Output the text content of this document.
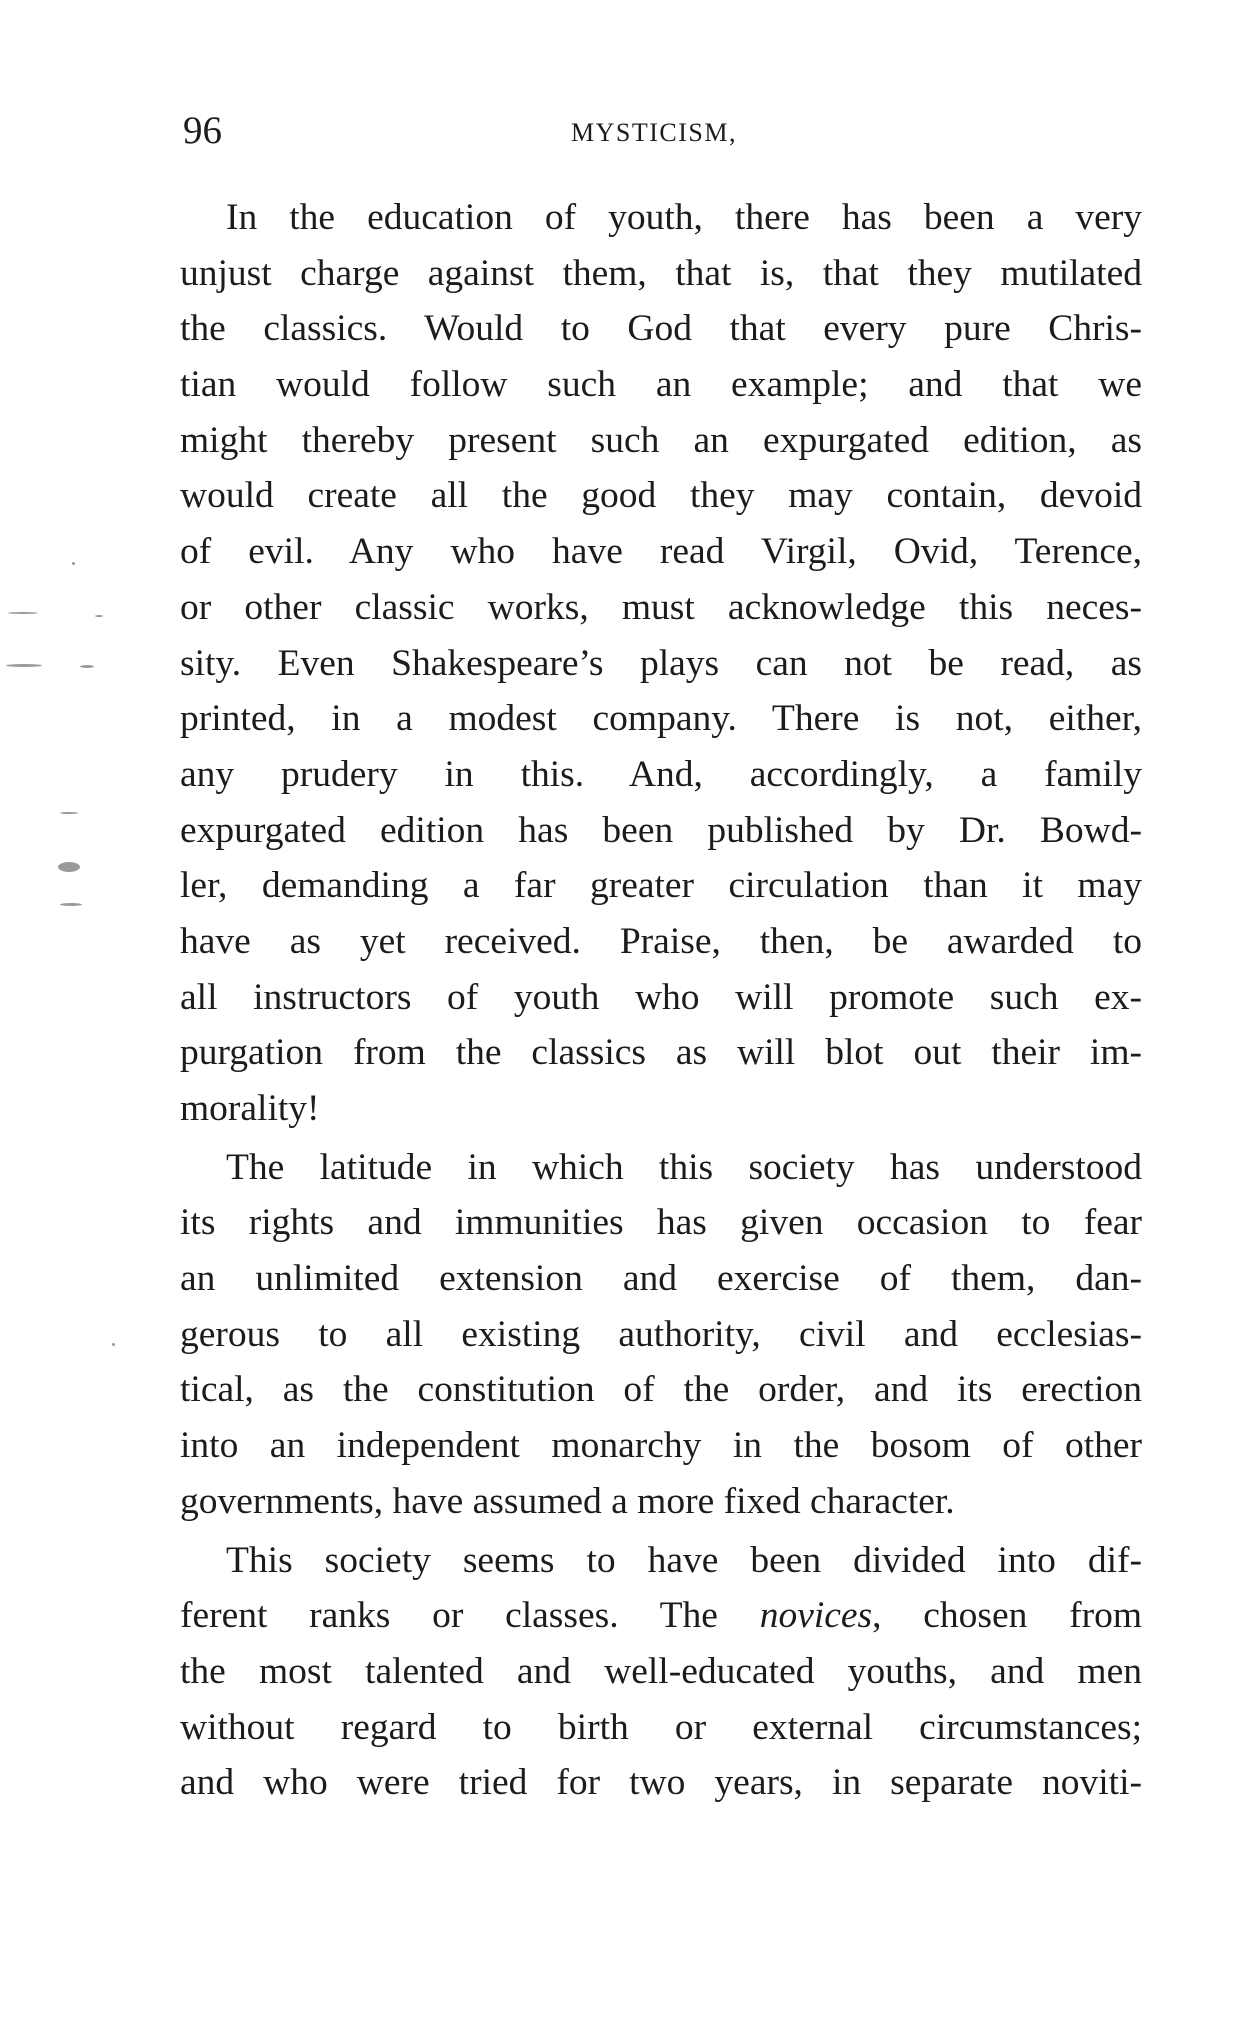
96	MYSTICISM,
In the education of youth, there has been a very
unjust charge against them, that is, that they mutilated
the classics. Would to God that every pure Chris-
tian would follow such an example; and that we
might thereby present such an expurgated edition, as
would create all the good they may contain, devoid
of evil. Any who have read Virgil, Ovid, Terence,
or other classic works, must acknowledge this neces-
sity. Even Shakespeare’s plays can not be read, as
printed, in a modest company. There is not, either,
any prudery in this. And, accordingly, a family
expurgated edition has been published by Dr. Bowd-
ler, demanding a far greater circulation than it may
have as yet received. Praise, then, be awarded to
all instructors of youth who will promote such ex-
purgation from the classics as will blot out their im-
morality!
The latitude in which this society has understood
its rights and immunities has given occasion to fear
an unlimited extension and exercise of them, dan-
gerous to all existing authority, civil and ecclesias-
tical, as the constitution of the order, and its erection
into an independent monarchy in the bosom of other
governments, have assumed a more fixed character.
This society seems to have been divided into dif-
ferent ranks or classes. The novices, chosen from
the most talented and well-educated youths, and men
without regard to birth or external circumstances;
and who were tried for two years, in separate noviti-
